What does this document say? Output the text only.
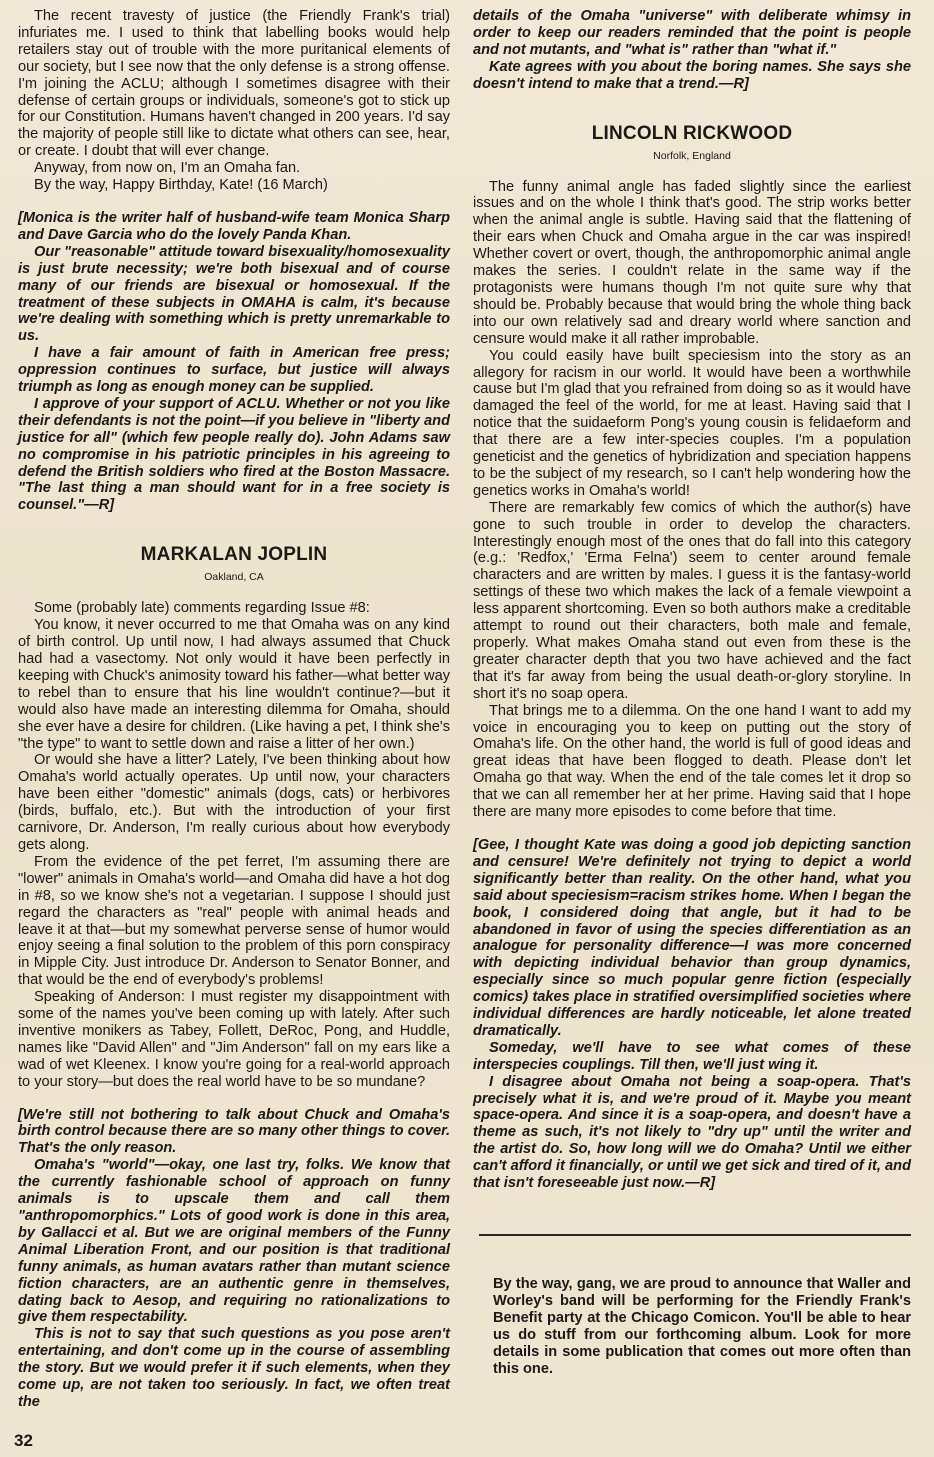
The recent travesty of justice (the Friendly Frank's trial) infuriates me. I used to think that labelling books would help retailers stay out of trouble with the more puritanical elements of our society, but I see now that the only defense is a strong offense. I'm joining the ACLU; although I sometimes disagree with their defense of certain groups or individuals, someone's got to stick up for our Constitution. Humans haven't changed in 200 years. I'd say the majority of people still like to dictate what others can see, hear, or create. I doubt that will ever change.

Anyway, from now on, I'm an Omaha fan.

By the way, Happy Birthday, Kate! (16 March)

[Monica is the writer half of husband-wife team Monica Sharp and Dave Garcia who do the lovely Panda Khan.

Our "reasonable" attitude toward bisexuality/homosexuality is just brute necessity; we're both bisexual and of course many of our friends are bisexual or homosexual. If the treatment of these subjects in OMAHA is calm, it's because we're dealing with something which is pretty unremarkable to us.

I have a fair amount of faith in American free press; oppression continues to surface, but justice will always triumph as long as enough money can be supplied.

I approve of your support of ACLU. Whether or not you like their defendants is not the point—if you believe in "liberty and justice for all" (which few people really do). John Adams saw no compromise in his patriotic principles in his agreeing to defend the British soldiers who fired at the Boston Massacre. "The last thing a man should want for in a free society is counsel."—R]

MARKALAN JOPLIN
Oakland, CA

Some (probably late) comments regarding Issue #8:

You know, it never occurred to me that Omaha was on any kind of birth control. Up until now, I had always assumed that Chuck had had a vasectomy. Not only would it have been perfectly in keeping with Chuck's animosity toward his father—what better way to rebel than to ensure that his line wouldn't continue?—but it would also have made an interesting dilemma for Omaha, should she ever have a desire for children. (Like having a pet, I think she's "the type" to want to settle down and raise a litter of her own.)

Or would she have a litter? Lately, I've been thinking about how Omaha's world actually operates. Up until now, your characters have been either "domestic" animals (dogs, cats) or herbivores (birds, buffalo, etc.). But with the introduction of your first carnivore, Dr. Anderson, I'm really curious about how everybody gets along.

From the evidence of the pet ferret, I'm assuming there are "lower" animals in Omaha's world—and Omaha did have a hot dog in #8, so we know she's not a vegetarian. I suppose I should just regard the characters as "real" people with animal heads and leave it at that—but my somewhat perverse sense of humor would enjoy seeing a final solution to the problem of this porn conspiracy in Mipple City. Just introduce Dr. Anderson to Senator Bonner, and that would be the end of everybody's problems!

Speaking of Anderson: I must register my disappointment with some of the names you've been coming up with lately. After such inventive monikers as Tabey, Follett, DeRoc, Pong, and Huddle, names like "David Allen" and "Jim Anderson" fall on my ears like a wad of wet Kleenex. I know you're going for a real-world approach to your story—but does the real world have to be so mundane?

[We're still not bothering to talk about Chuck and Omaha's birth control because there are so many other things to cover. That's the only reason.

Omaha's "world"—okay, one last try, folks. We know that the currently fashionable school of approach on funny animals is to upscale them and call them "anthropomorphics." Lots of good work is done in this area, by Gallacci et al. But we are original members of the Funny Animal Liberation Front, and our position is that traditional funny animals, as human avatars rather than mutant science fiction characters, are an authentic genre in themselves, dating back to Aesop, and requiring no rationalizations to give them respectability.

This is not to say that such questions as you pose aren't entertaining, and don't come up in the course of assembling the story. But we would prefer it if such elements, when they come up, are not taken too seriously. In fact, we often treat the

details of the Omaha "universe" with deliberate whimsy in order to keep our readers reminded that the point is people and not mutants, and "what is" rather than "what if."

Kate agrees with you about the boring names. She says she doesn't intend to make that a trend.—R]

LINCOLN RICKWOOD
Norfolk, England

The funny animal angle has faded slightly since the earliest issues and on the whole I think that's good. The strip works better when the animal angle is subtle. Having said that the flattening of their ears when Chuck and Omaha argue in the car was inspired! Whether covert or overt, though, the anthropomorphic animal angle makes the series. I couldn't relate in the same way if the protagonists were humans though I'm not quite sure why that should be. Probably because that would bring the whole thing back into our own relatively sad and dreary world where sanction and censure would make it all rather improbable.

You could easily have built speciesism into the story as an allegory for racism in our world. It would have been a worthwhile cause but I'm glad that you refrained from doing so as it would have damaged the feel of the world, for me at least. Having said that I notice that the suidaeform Pong's young cousin is felidaeform and that there are a few inter-species couples. I'm a population geneticist and the genetics of hybridization and speciation happens to be the subject of my research, so I can't help wondering how the genetics works in Omaha's world!

There are remarkably few comics of which the author(s) have gone to such trouble in order to develop the characters. Interestingly enough most of the ones that do fall into this category (e.g.: 'Redfox,' 'Erma Felna') seem to center around female characters and are written by males. I guess it is the fantasy-world settings of these two which makes the lack of a female viewpoint a less apparent shortcoming. Even so both authors make a creditable attempt to round out their characters, both male and female, properly. What makes Omaha stand out even from these is the greater character depth that you two have achieved and the fact that it's far away from being the usual death-or-glory storyline. In short it's no soap opera.

That brings me to a dilemma. On the one hand I want to add my voice in encouraging you to keep on putting out the story of Omaha's life. On the other hand, the world is full of good ideas and great ideas that have been flogged to death. Please don't let Omaha go that way. When the end of the tale comes let it drop so that we can all remember her at her prime. Having said that I hope there are many more episodes to come before that time.

[Gee, I thought Kate was doing a good job depicting sanction and censure! We're definitely not trying to depict a world significantly better than reality. On the other hand, what you said about speciesism=racism strikes home. When I began the book, I considered doing that angle, but it had to be abandoned in favor of using the species differentiation as an analogue for personality difference—I was more concerned with depicting individual behavior than group dynamics, especially since so much popular genre fiction (especially comics) takes place in stratified oversimplified societies where individual differences are hardly noticeable, let alone treated dramatically.

Someday, we'll have to see what comes of these interspecies couplings. Till then, we'll just wing it.

I disagree about Omaha not being a soap-opera. That's precisely what it is, and we're proud of it. Maybe you meant space-opera. And since it is a soap-opera, and doesn't have a theme as such, it's not likely to "dry up" until the writer and the artist do. So, how long will we do Omaha? Until we either can't afford it financially, or until we get sick and tired of it, and that isn't foreseeable just now.—R]

By the way, gang, we are proud to announce that Waller and Worley's band will be performing for the Friendly Frank's Benefit party at the Chicago Comicon. You'll be able to hear us do stuff from our forthcoming album. Look for more details in some publication that comes out more often than this one.

32
